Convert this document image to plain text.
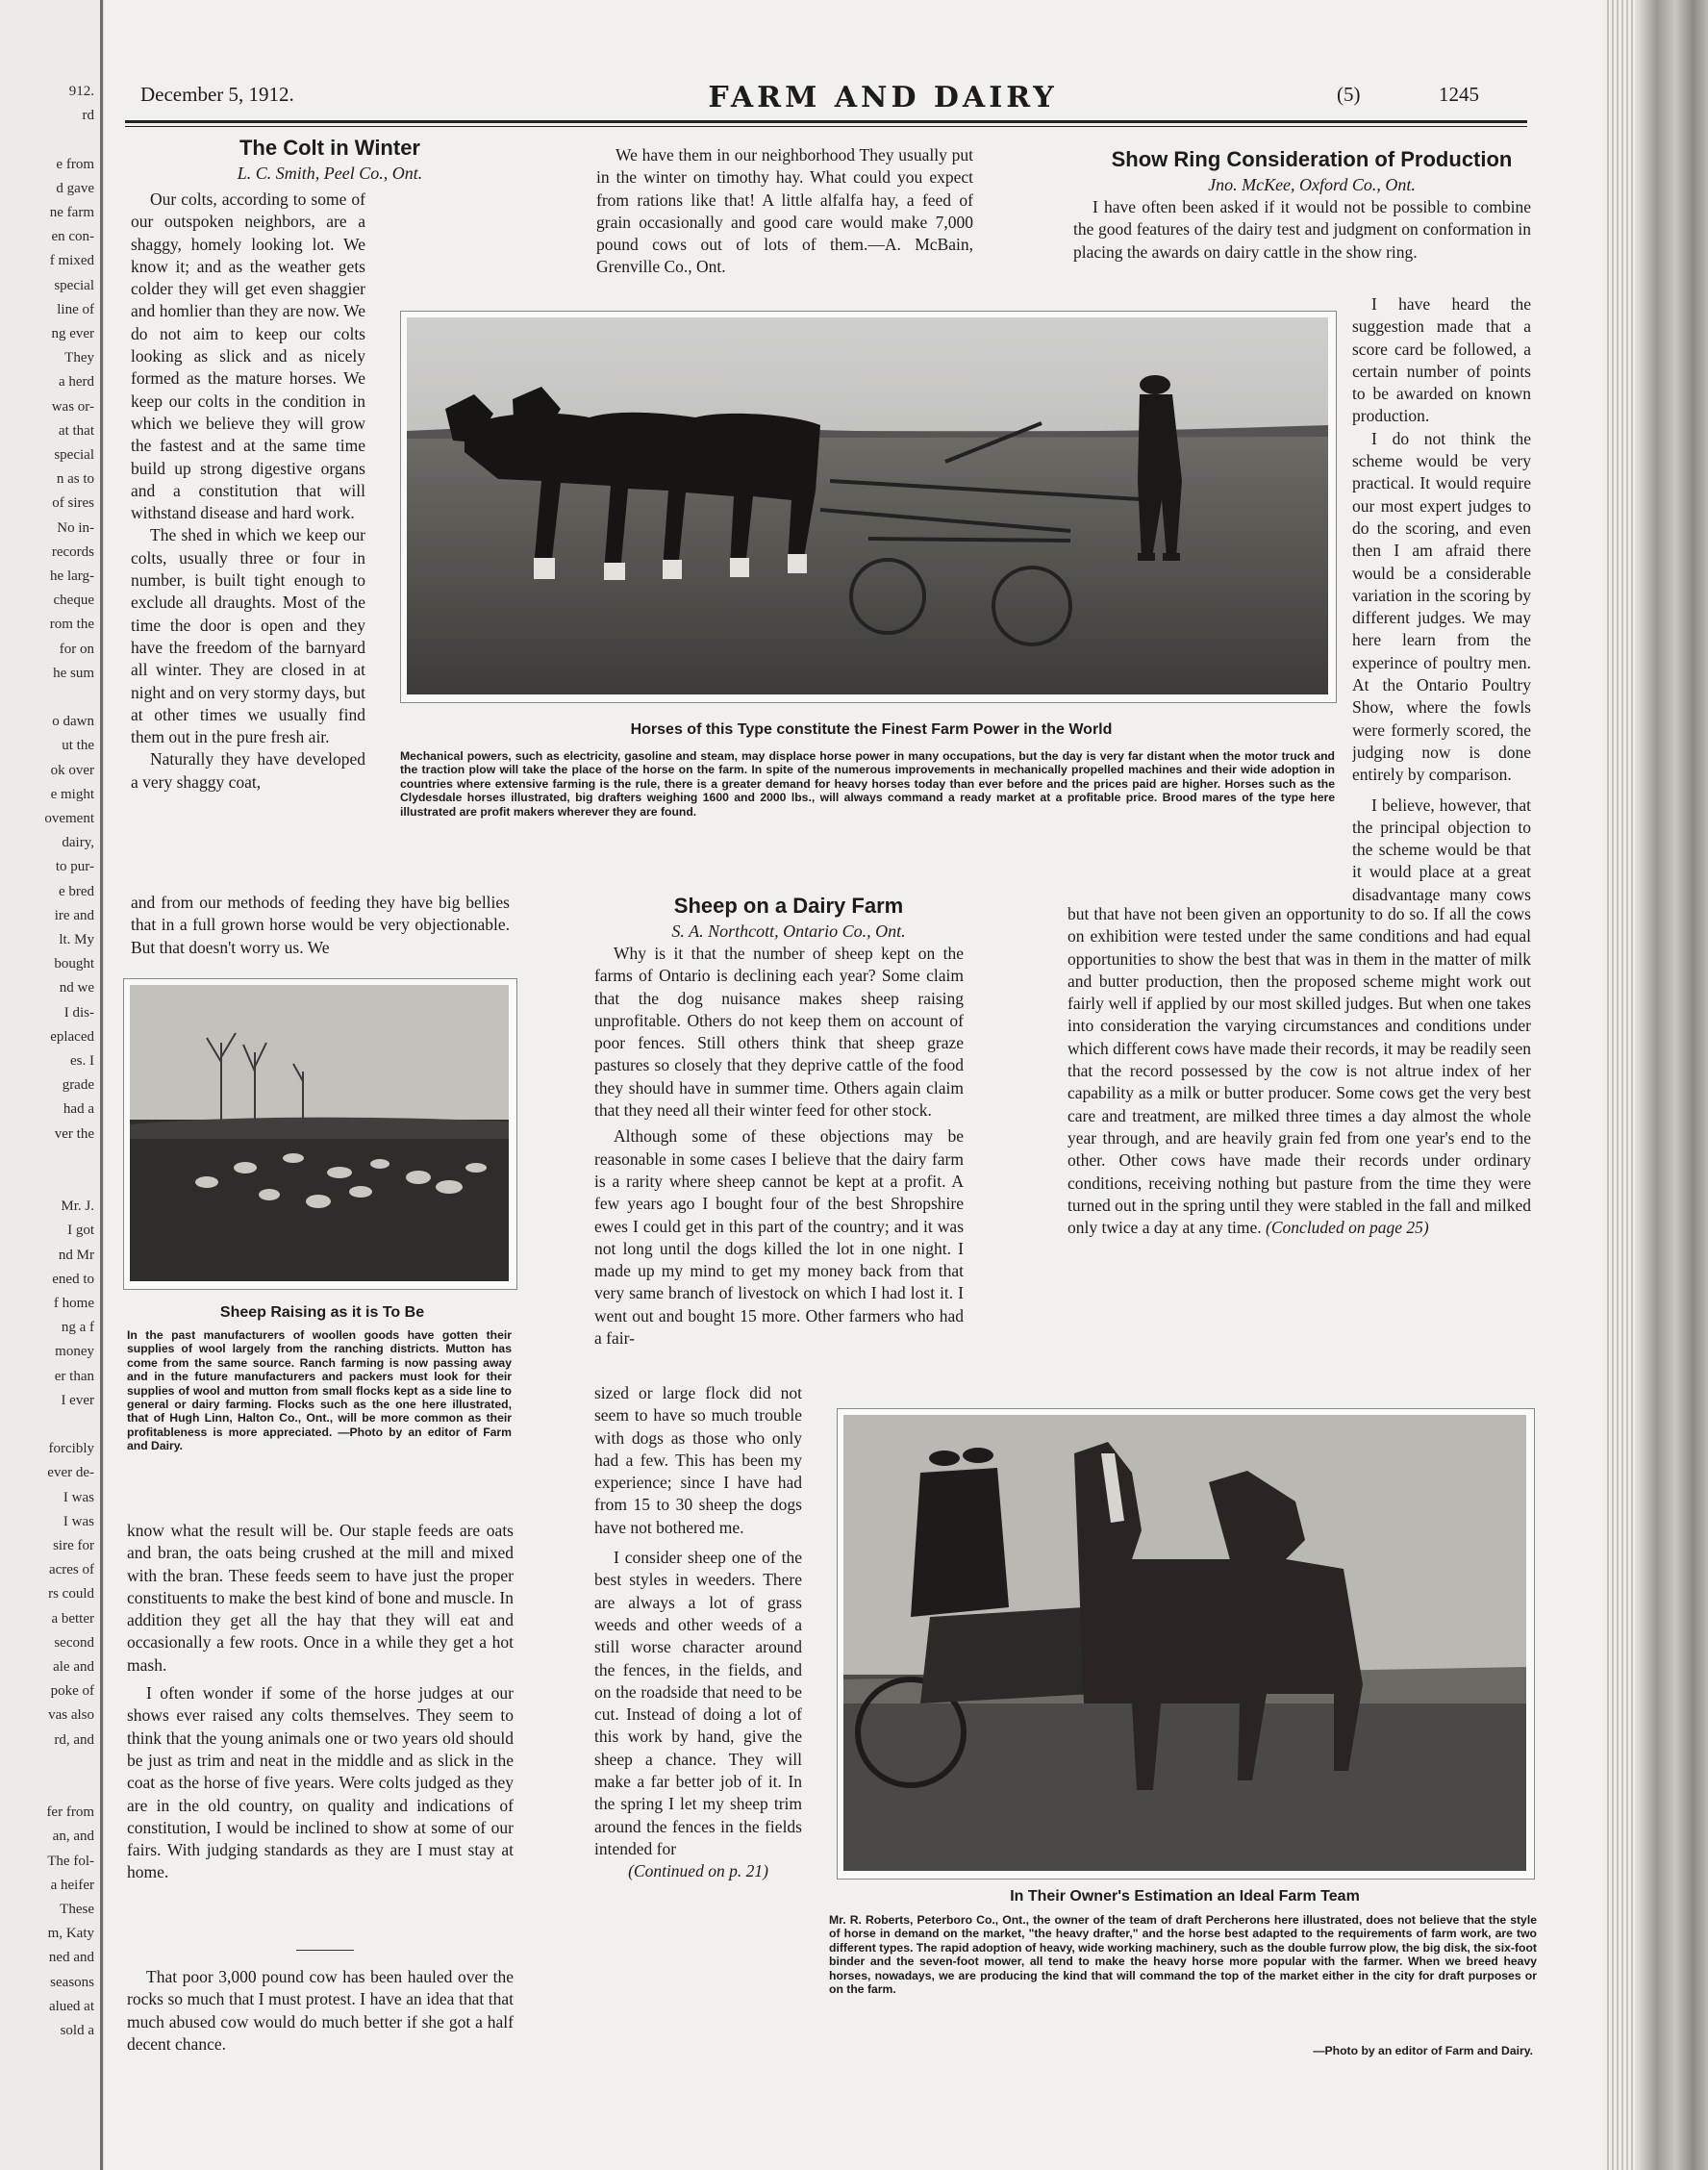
912.
rd
e from
d gave
ne farm
en con-
f mixed
special
line of
ng ever
They
a herd
was or-
at that
special
n as to
of sires
No in-
records
he larg-
cheque
rom the
for on
he sum
o dawn
ut the
ok over
e might
ovement
dairy,
to pur-
e bred
ire and
lt. My
bought
nd we
I dis-
eplaced
es. I
grade
had a
ver the
Mr. J.
I got
nd Mr
ened to
f home
ng a f
money
er than
I ever
forcibly
ever de-
I was
I was
sire for
acres of
rs could
a better
second
ale and
poke of
vas also
rd, and
fer from
an, and
The fol-
a heifer
These
m, Katy
ned and
seasons
alued at
sold a
December 5, 1912.	FARM AND DAIRY	(5)	1245

The Colt in Winter

L. C. Smith, Peel Co., Ont.

Our colts, according to some of our outspoken neighbors, are a shaggy, homely looking lot. We know it; and as the weather gets colder they will get even shaggier and homlier than they are now. We do not aim to keep our colts looking as slick and as nicely formed as the mature horses. We keep our colts in the condition in which we believe they will grow the fastest and at the same time build up strong digestive organs and a constitution that will withstand disease and hard work.

The shed in which we keep our colts, usually three or four in number, is built tight enough to exclude all draughts. Most of the time the door is open and they have the freedom of the barnyard all winter. They are closed in at night and on very stormy days, but at other times we usually find them out in the pure fresh air.

Naturally they have developed a very shaggy coat,

and from our methods of feeding they have big bellies that in a full grown horse would be very objectionable. But that doesn't worry us. We

We have them in our neighborhood They usually put in the winter on timothy hay. What could you expect from rations like that! A little alfalfa hay, a feed of grain occasionally and good care would make 7,000 pound cows out of lots of them.—A. McBain, Grenville Co., Ont.

Horses of this Type constitute the Finest Farm Power in the World
Mechanical powers, such as electricity, gasoline and steam, may displace horse power in many occupations, but the day is very far distant when the motor truck and the traction plow will take the place of the horse on the farm. In spite of the numerous improvements in mechanically propelled machines and their wide adoption in countries where extensive farming is the rule, there is a greater demand for heavy horses today than ever before and the prices paid are higher. Horses such as the Clydesdale horses illustrated, big drafters weighing 1600 and 2000 lbs., will always command a ready market at a profitable price. Brood mares of the type here illustrated are profit makers wherever they are found.

Show Ring Consideration of Production

Jno. McKee, Oxford Co., Ont.

I have often been asked if it would not be possible to combine the good features of the dairy test and judgment on conformation in placing the awards on dairy cattle in the show ring.

I have heard the suggestion made that a score card be followed, a certain number of points to be awarded on known production.

I do not think the scheme would be very practical. It would require our most expert judges to do the scoring, and even then I am afraid there would be a considerable variation in the scoring by different judges. We may here learn from the experince of poultry men. At the Ontario Poultry Show, where the fowls were formerly scored, the judging now is done entirely by comparison.

I believe, however, that the principal objection to the scheme would be that it would place at a great disadvantage many cows

but that have not been given an opportunity to do so. If all the cows on exhibition were tested under the same conditions and had equal opportunities to show the best that was in them in the matter of milk and butter production, then the proposed scheme might work out fairly well if applied by our most skilled judges. But when one takes into consideration the varying circumstances and conditions under which different cows have made their records, it may be readily seen that the record possessed by the cow is not altrue index of her capability as a milk or butter producer. Some cows get the very best care and treatment, are milked three times a day almost the whole year through, and are heavily grain fed from one year's end to the other. Other cows have made their records under ordinary conditions, receiving nothing but pasture from the time they were turned out in the spring until they were stabled in the fall and milked only twice a day at any time. (Concluded on page 25)

Sheep Raising as it is To Be
In the past manufacturers of woollen goods have gotten their supplies of wool largely from the ranching districts. Mutton has come from the same source. Ranch farming is now passing away and in the future manufacturers and packers must look for their supplies of wool and mutton from small flocks kept as a side line to general or dairy farming. Flocks such as the one here illustrated, that of Hugh Linn, Halton Co., Ont., will be more common as their profitableness is more appreciated. —Photo by an editor of Farm and Dairy.

know what the result will be. Our staple feeds are oats and bran, the oats being crushed at the mill and mixed with the bran. These feeds seem to have just the proper constituents to make the best kind of bone and muscle. In addition they get all the hay that they will eat and occasionally a few roots. Once in a while they get a hot mash.

I often wonder if some of the horse judges at our shows ever raised any colts themselves. They seem to think that the young animals one or two years old should be just as trim and neat in the middle and as slick in the coat as the horse of five years. Were colts judged as they are in the old country, on quality and indications of constitution, I would be inclined to show at some of our fairs. With judging standards as they are I must stay at home.

That poor 3,000 pound cow has been hauled over the rocks so much that I must protest. I have an idea that that much abused cow would do much better if she got a half decent chance.

Sheep on a Dairy Farm

S. A. Northcott, Ontario Co., Ont.

Why is it that the number of sheep kept on the farms of Ontario is declining each year? Some claim that the dog nuisance makes sheep raising unprofitable. Others do not keep them on account of poor fences. Still others think that sheep graze pastures so closely that they deprive cattle of the food they should have in summer time. Others again claim that they need all their winter feed for other stock.

Although some of these objections may be reasonable in some cases I believe that the dairy farm is a rarity where sheep cannot be kept at a profit. A few years ago I bought four of the best Shropshire ewes I could get in this part of the country; and it was not long until the dogs killed the lot in one night. I made up my mind to get my money back from that very same branch of livestock on which I had lost it. I went out and bought 15 more. Other farmers who had a fair-

sized or large flock did not seem to have so much trouble with dogs as those who only had a few. This has been my experience; since I have had from 15 to 30 sheep the dogs have not bothered me.

I consider sheep one of the best styles in weeders. There are always a lot of grass weeds and other weeds of a still worse character around the fences, in the fields, and on the roadside that need to be cut. Instead of doing a lot of this work by hand, give the sheep a chance. They will make a far better job of it. In the spring I let my sheep trim around the fences in the fields intended for

(Continued on p. 21)

In Their Owner's Estimation an Ideal Farm Team
Mr. R. Roberts, Peterboro Co., Ont., the owner of the team of draft Percherons here illustrated, does not believe that the style of horse in demand on the market, "the heavy drafter," and the horse best adapted to the requirements of farm work, are two different types. The rapid adoption of heavy, wide working machinery, such as the double furrow plow, the big disk, the six-foot binder and the seven-foot mower, all tend to make the heavy horse more popular with the farmer. When we breed heavy horses, nowadays, we are producing the kind that will command the top of the market either in the city for draft purposes or on the farm.
—Photo by an editor of Farm and Dairy.
